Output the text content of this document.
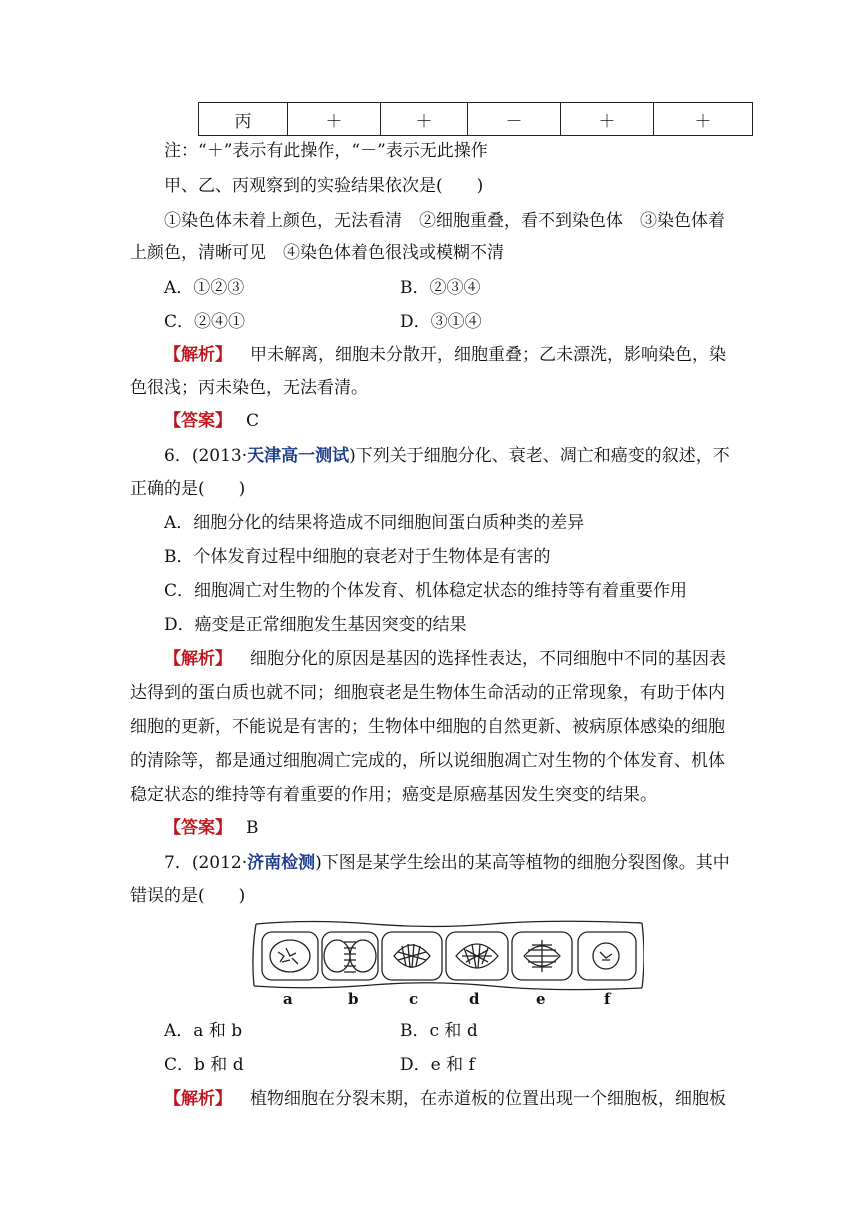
丙	＋	＋	－	＋	＋
注：“＋”表示有此操作，“－”表示无此操作
甲、乙、丙观察到的实验结果依次是(　　)
①染色体未着上颜色，无法看清　②细胞重叠，看不到染色体　③染色体着
上颜色，清晰可见　④染色体着色很浅或模糊不清
A．①②③	B．②③④
C．②④①	D．③①④
【解析】 甲未解离，细胞未分散开，细胞重叠；乙未漂洗，影响染色，染
色很浅；丙未染色，无法看清。
【答案】 C
6．(2013·天津高一测试)下列关于细胞分化、衰老、凋亡和癌变的叙述，不
正确的是(　　)
A．细胞分化的结果将造成不同细胞间蛋白质种类的差异
B．个体发育过程中细胞的衰老对于生物体是有害的
C．细胞凋亡对生物的个体发育、机体稳定状态的维持等有着重要作用
D．癌变是正常细胞发生基因突变的结果
【解析】 细胞分化的原因是基因的选择性表达，不同细胞中不同的基因表
达得到的蛋白质也就不同；细胞衰老是生物体生命活动的正常现象，有助于体内
细胞的更新，不能说是有害的；生物体中细胞的自然更新、被病原体感染的细胞
的清除等，都是通过细胞凋亡完成的，所以说细胞凋亡对生物的个体发育、机体
稳定状态的维持等有着重要的作用；癌变是原癌基因发生突变的结果。
【答案】 B
7．(2012·济南检测)下图是某学生绘出的某高等植物的细胞分裂图像。其中
错误的是(　　)
a	b	c	d	e	f
A．a 和 b	B．c 和 d
C．b 和 d	D．e 和 f
【解析】 植物细胞在分裂末期，在赤道板的位置出现一个细胞板，细胞板
